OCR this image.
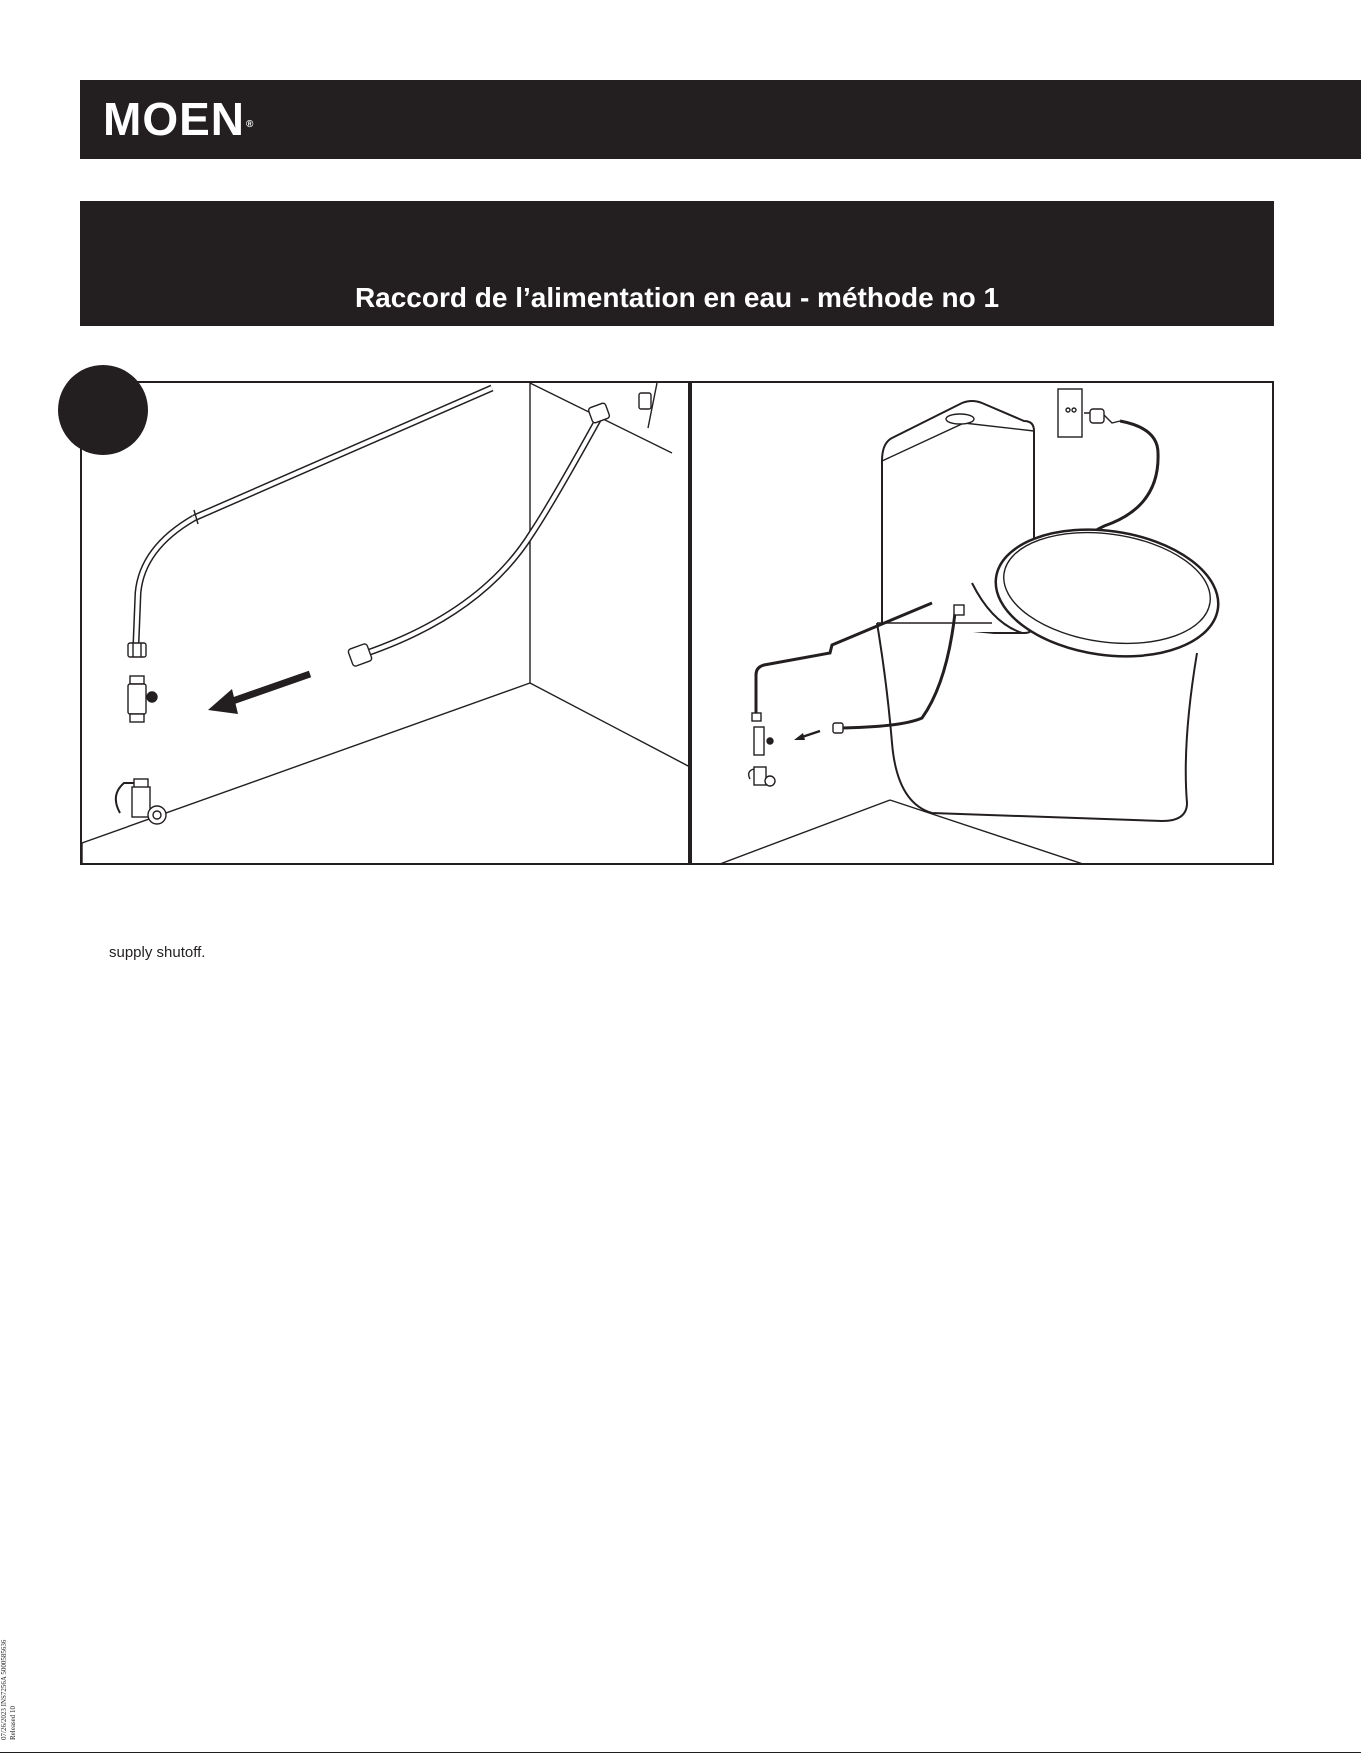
MOEN®
Raccord de l’alimentation en eau - méthode no 1
supply shutoff.
07/26/2023 INS7256A 5000585636 Released 10
